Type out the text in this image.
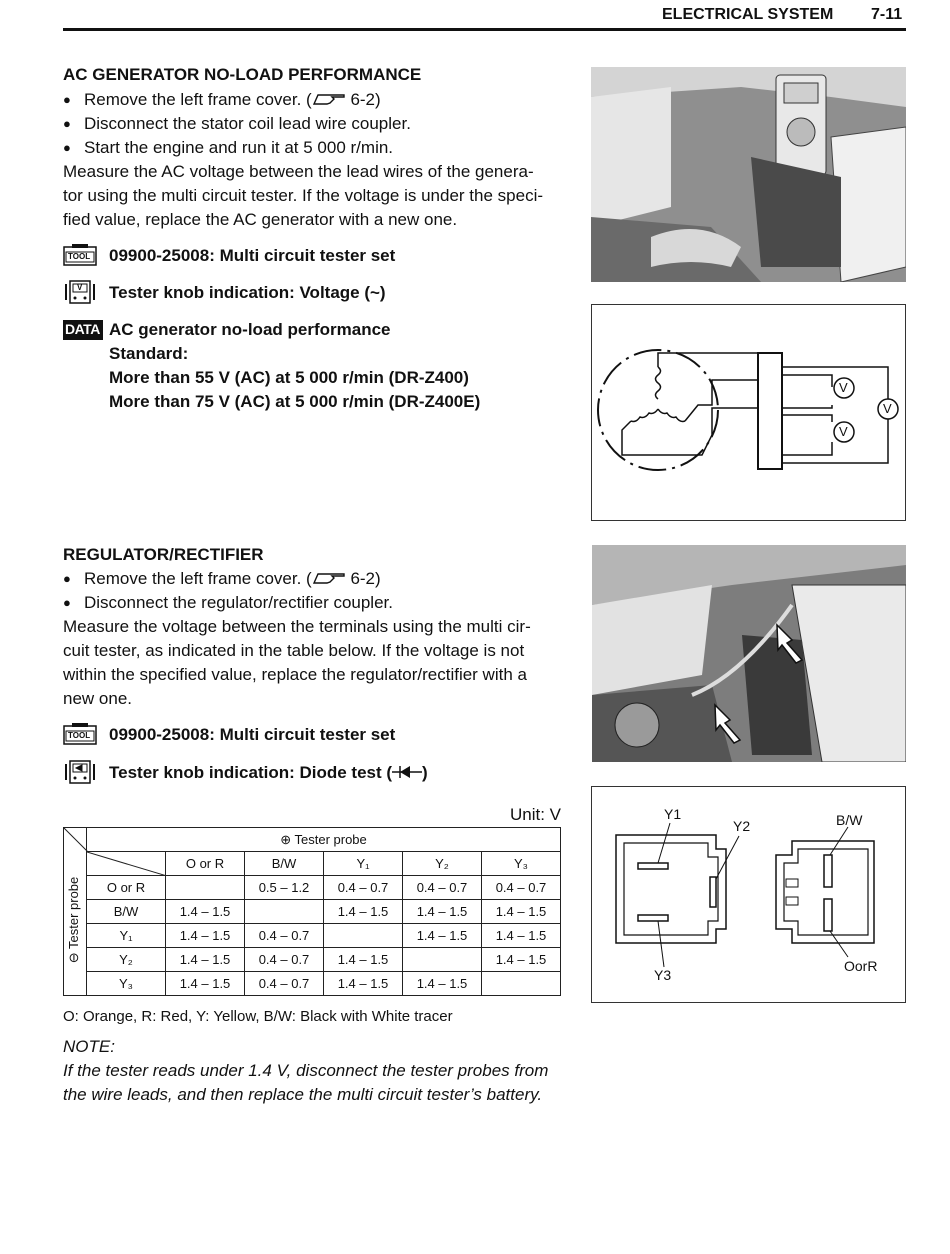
ELECTRICAL SYSTEM 7-11
AC GENERATOR NO-LOAD PERFORMANCE
● Remove the left frame cover. ( 6-2)
● Disconnect the stator coil lead wire coupler.
● Start the engine and run it at 5 000 r/min.
Measure the AC voltage between the lead wires of the genera-
tor using the multi circuit tester. If the voltage is under the speci-
fied value, replace the AC generator with a new one.
TOOL 09900-25008: Multi circuit tester set
V Tester knob indication: Voltage (~)
DATA AC generator no-load performance
Standard:
More than 55 V (AC) at 5 000 r/min (DR-Z400)
More than 75 V (AC) at 5 000 r/min (DR-Z400E)
V
V
V
REGULATOR/RECTIFIER
● Remove the left frame cover. ( 6-2)
● Disconnect the regulator/rectifier coupler.
Measure the voltage between the terminals using the multi cir-
cuit tester, as indicated in the table below. If the voltage is not
within the specified value, replace the regulator/rectifier with a
new one.
TOOL 09900-25008: Multi circuit tester set
Tester knob indication: Diode test ( )
Y1
Y2
Y3
B/W
OorR
Unit: V
	⊕ Tester probe					

⊖ Tester probe		O or R	B/W	Y₁	Y₂	Y₃
	O or R		0.5 – 1.2	0.4 – 0.7	0.4 – 0.7	0.4 – 0.7
	B/W	1.4 – 1.5		1.4 – 1.5	1.4 – 1.5	1.4 – 1.5
	Y₁	1.4 – 1.5	0.4 – 0.7		1.4 – 1.5	1.4 – 1.5
	Y₂	1.4 – 1.5	0.4 – 0.7	1.4 – 1.5		1.4 – 1.5
	Y₃	1.4 – 1.5	0.4 – 0.7	1.4 – 1.5	1.4 – 1.5	
O: Orange, R: Red, Y: Yellow, B/W: Black with White tracer
NOTE:
If the tester reads under 1.4 V, disconnect the tester probes from
the wire leads, and then replace the multi circuit tester’s battery.
